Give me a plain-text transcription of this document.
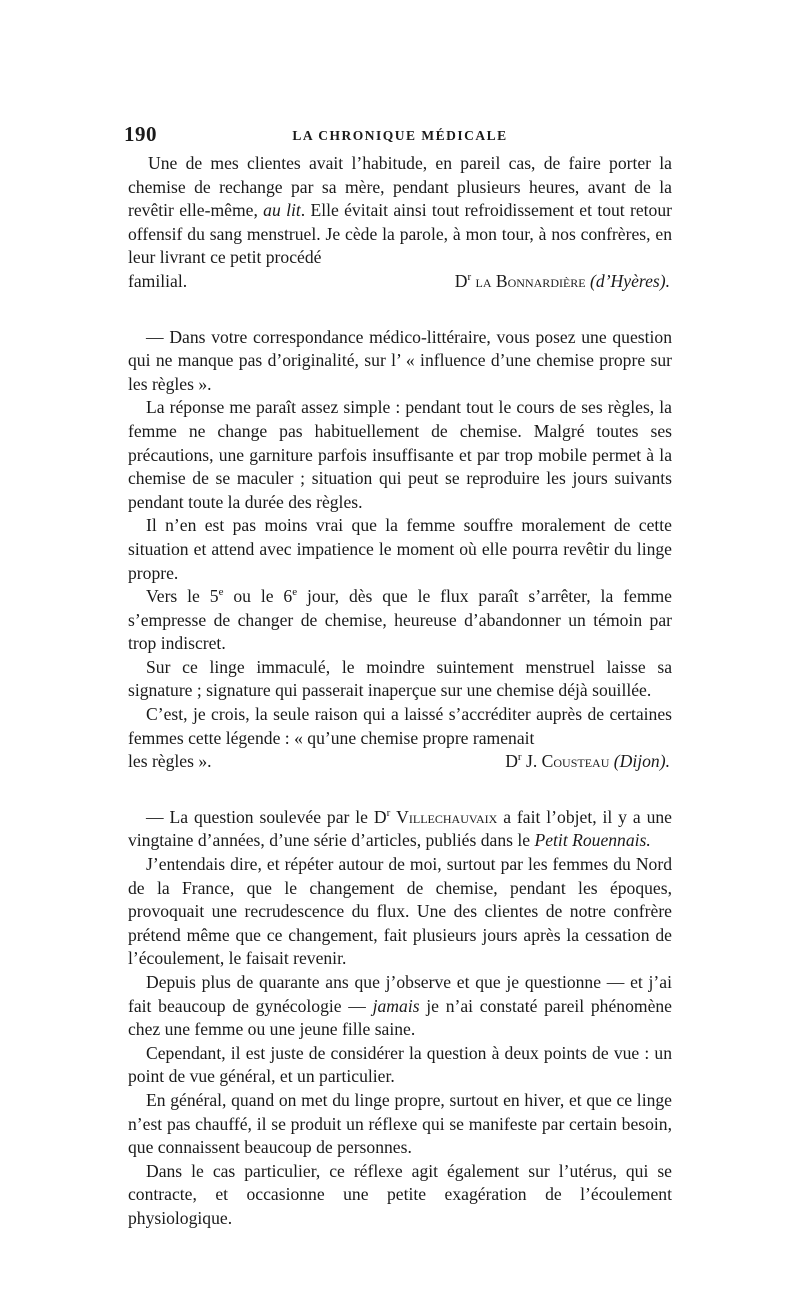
190	LA CHRONIQUE MÉDICALE

Une de mes clientes avait l’habitude, en pareil cas, de faire porter la chemise de rechange par sa mère, pendant plusieurs heures, avant de la revêtir elle-même, au lit. Elle évitait ainsi tout refroidissement et tout retour offensif du sang menstruel. Je cède la parole, à mon tour, à nos confrères, en leur livrant ce petit procédé

familial.	$D^r$ la Bonnardière (d’Hyères).

— Dans votre correspondance médico-littéraire, vous posez une question qui ne manque pas d’originalité, sur l’ « influence d’une chemise propre sur les règles ».

La réponse me paraît assez simple : pendant tout le cours de ses règles, la femme ne change pas habituellement de chemise. Malgré toutes ses précautions, une garniture parfois insuffisante et par trop mobile permet à la chemise de se maculer ; situation qui peut se reproduire les jours suivants pendant toute la durée des règles.

Il n’en est pas moins vrai que la femme souffre moralement de cette situation et attend avec impatience le moment où elle pourra revêtir du linge propre.

Vers le 5e ou le 6e jour, dès que le flux paraît s’arrêter, la femme s’empresse de changer de chemise, heureuse d’abandonner un témoin par trop indiscret.

Sur ce linge immaculé, le moindre suintement menstruel laisse sa signature ; signature qui passerait inaperçue sur une chemise déjà souillée.

C’est, je crois, la seule raison qui a laissé s’accréditer auprès de certaines femmes cette légende : « qu’une chemise propre ramenait

les règles ».	$D^r$ J. Cousteau (Dijon).

— La question soulevée par le $D^r$ Villechauvaix a fait l’objet, il y a une vingtaine d’années, d’une série d’articles, publiés dans le Petit Rouennais.

J’entendais dire, et répéter autour de moi, surtout par les femmes du Nord de la France, que le changement de chemise, pendant les époques, provoquait une recrudescence du flux. Une des clientes de notre confrère prétend même que ce changement, fait plusieurs jours après la cessation de l’écoulement, le faisait revenir.

Depuis plus de quarante ans que j’observe et que je questionne — et j’ai fait beaucoup de gynécologie — jamais je n’ai constaté pareil phénomène chez une femme ou une jeune fille saine.

Cependant, il est juste de considérer la question à deux points de vue : un point de vue général, et un particulier.

En général, quand on met du linge propre, surtout en hiver, et que ce linge n’est pas chauffé, il se produit un réflexe qui se manifeste par certain besoin, que connaissent beaucoup de personnes.

Dans le cas particulier, ce réflexe agit également sur l’utérus, qui se contracte, et occasionne une petite exagération de l’écoulement physiologique.
